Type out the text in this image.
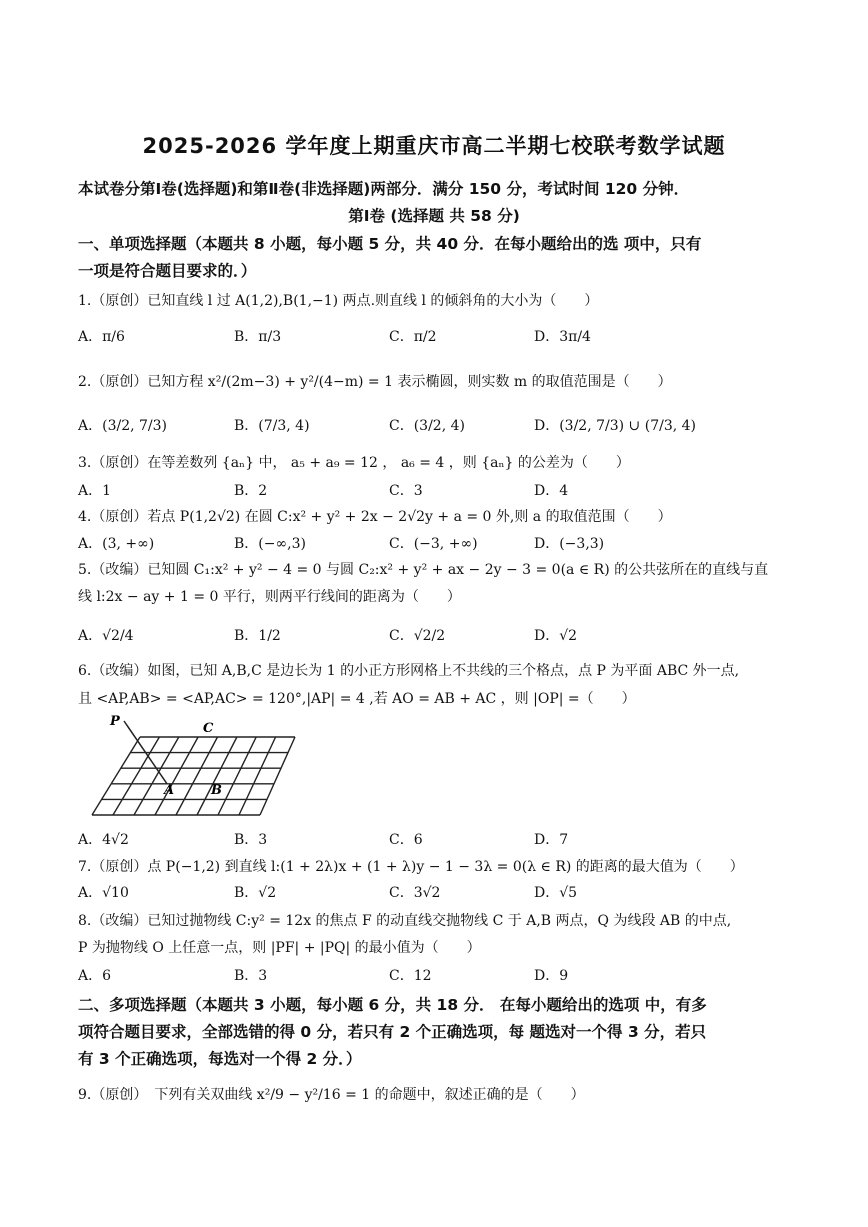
2025-2026 学年度上期重庆市高二半期七校联考数学试题
本试卷分第Ⅰ卷(选择题)和第Ⅱ卷(非选择题)两部分．满分 150 分，考试时间 120 分钟．
第Ⅰ卷 (选择题 共 58 分)
一、单项选择题（本题共 8 小题，每小题 5 分，共 40 分．在每小题给出的选 项中，只有
一项是符合题目要求的．）
1.（原创）已知直线 l 过 A(1,2),B(1,−1) 两点.则直线 l 的倾斜角的大小为（　　）
A．π/6	B．π/3	C．π/2	D．3π/4
2.（原创）已知方程 x²/(2m−3) + y²/(4−m) = 1 表示椭圆，则实数 m 的取值范围是（　　）
A．(3/2, 7/3)	B．(7/3, 4)	C．(3/2, 4)	D．(3/2, 7/3) ∪ (7/3, 4)
3.（原创）在等差数列 {aₙ} 中， a₅ + a₉ = 12 ， a₆ = 4 ，则 {aₙ} 的公差为（　　）
A．1	B．2	C．3	D．4
4.（原创）若点 P(1,2√2) 在圆 C:x² + y² + 2x − 2√2y + a = 0 外,则 a 的取值范围（　　）
A．(3, +∞)	B．(−∞,3)	C．(−3, +∞)	D．(−3,3)
5.（改编）已知圆 C₁:x² + y² − 4 = 0 与圆 C₂:x² + y² + ax − 2y − 3 = 0(a ∈ R) 的公共弦所在的直线与直
线 l:2x − ay + 1 = 0 平行，则两平行线间的距离为（　　）
A．√2/4	B．1/2	C．√2/2	D．√2
6.（改编）如图，已知 A,B,C 是边长为 1 的小正方形网格上不共线的三个格点，点 P 为平面 ABC 外一点,
且 <AP,AB> = <AP,AC> = 120°,|AP| = 4 ,若 AO = AB + AC ，则 |OP| =（　　）
P	C
A	B
A．4√2	B．3	C．6	D．7
7.（原创）点 P(−1,2) 到直线 l:(1 + 2λ)x + (1 + λ)y − 1 − 3λ = 0(λ ∈ R) 的距离的最大值为（　　）
A．√10	B．√2	C．3√2	D．√5
8.（改编）已知过抛物线 C:y² = 12x 的焦点 F 的动直线交抛物线 C 于 A,B 两点，Q 为线段 AB 的中点,
P 为抛物线 O 上任意一点，则 |PF| + |PQ| 的最小值为（　　）
A．6	B．3	C．12	D．9
二、多项选择题（本题共 3 小题，每小题 6 分，共 18 分． 在每小题给出的选项 中，有多
项符合题目要求，全部选错的得 0 分，若只有 2 个正确选项，每 题选对一个得 3 分，若只
有 3 个正确选项，每选对一个得 2 分．）
9.（原创）　下列有关双曲线 x²/9 − y²/16 = 1 的命题中，叙述正确的是（　　）
